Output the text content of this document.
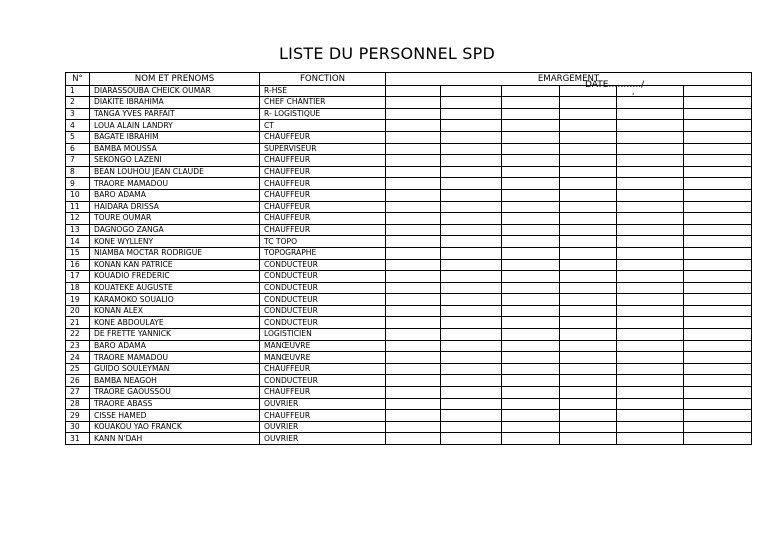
LISTE DU PERSONNEL SPD
N°	NOM ET PRENOMS	FONCTION	EMARGEMENT					
1	DIARASSOUBA CHEICK OUMAR	R-HSE						
2	DIAKITE IBRAHIMA	CHEF CHANTIER						
3	TANGA YVES PARFAIT	R- LOGISTIQUE						
4	LOUA ALAIN LANDRY	CT						
5	BAGATE IBRAHIM	CHAUFFEUR						
6	BAMBA MOUSSA	SUPERVISEUR						
7	SEKONGO LAZENI	CHAUFFEUR						
8	BEAN LOUHOU JEAN CLAUDE	CHAUFFEUR						
9	TRAORE MAMADOU	CHAUFFEUR						
10	BARO ADAMA	CHAUFFEUR						
11	HAIDARA DRISSA	CHAUFFEUR						
12	TOURE OUMAR	CHAUFFEUR						
13	DAGNOGO ZANGA	CHAUFFEUR						
14	KONE WYLLENY	TC TOPO						
15	NIAMBA MOCTAR RODRIGUE	TOPOGRAPHE						
16	KONAN KAN PATRICE	CONDUCTEUR						
17	KOUADIO FREDERIC	CONDUCTEUR						
18	KOUATEKE AUGUSTE	CONDUCTEUR						
19	KARAMOKO SOUALIO	CONDUCTEUR						
20	KONAN ALEX	CONDUCTEUR						
21	KONE ABDOULAYE	CONDUCTEUR						
22	DE FRETTE YANNICK	LOGISTICIEN						
23	BARO ADAMA	MANŒUVRE						
24	TRAORE MAMADOU	MANŒUVRE						
25	GUIDO SOULEYMAN	CHAUFFEUR						
26	BAMBA NEAGOH	CONDUCTEUR						
27	TRAORE GAOUSSOU	CHAUFFEUR						
28	TRAORE ABASS	OUVRIER						
29	CISSE HAMED	CHAUFFEUR						
30	KOUAKOU YAO FRANCK	OUVRIER						
31	KANN N'DAH	OUVRIER						
DATE………../
'
